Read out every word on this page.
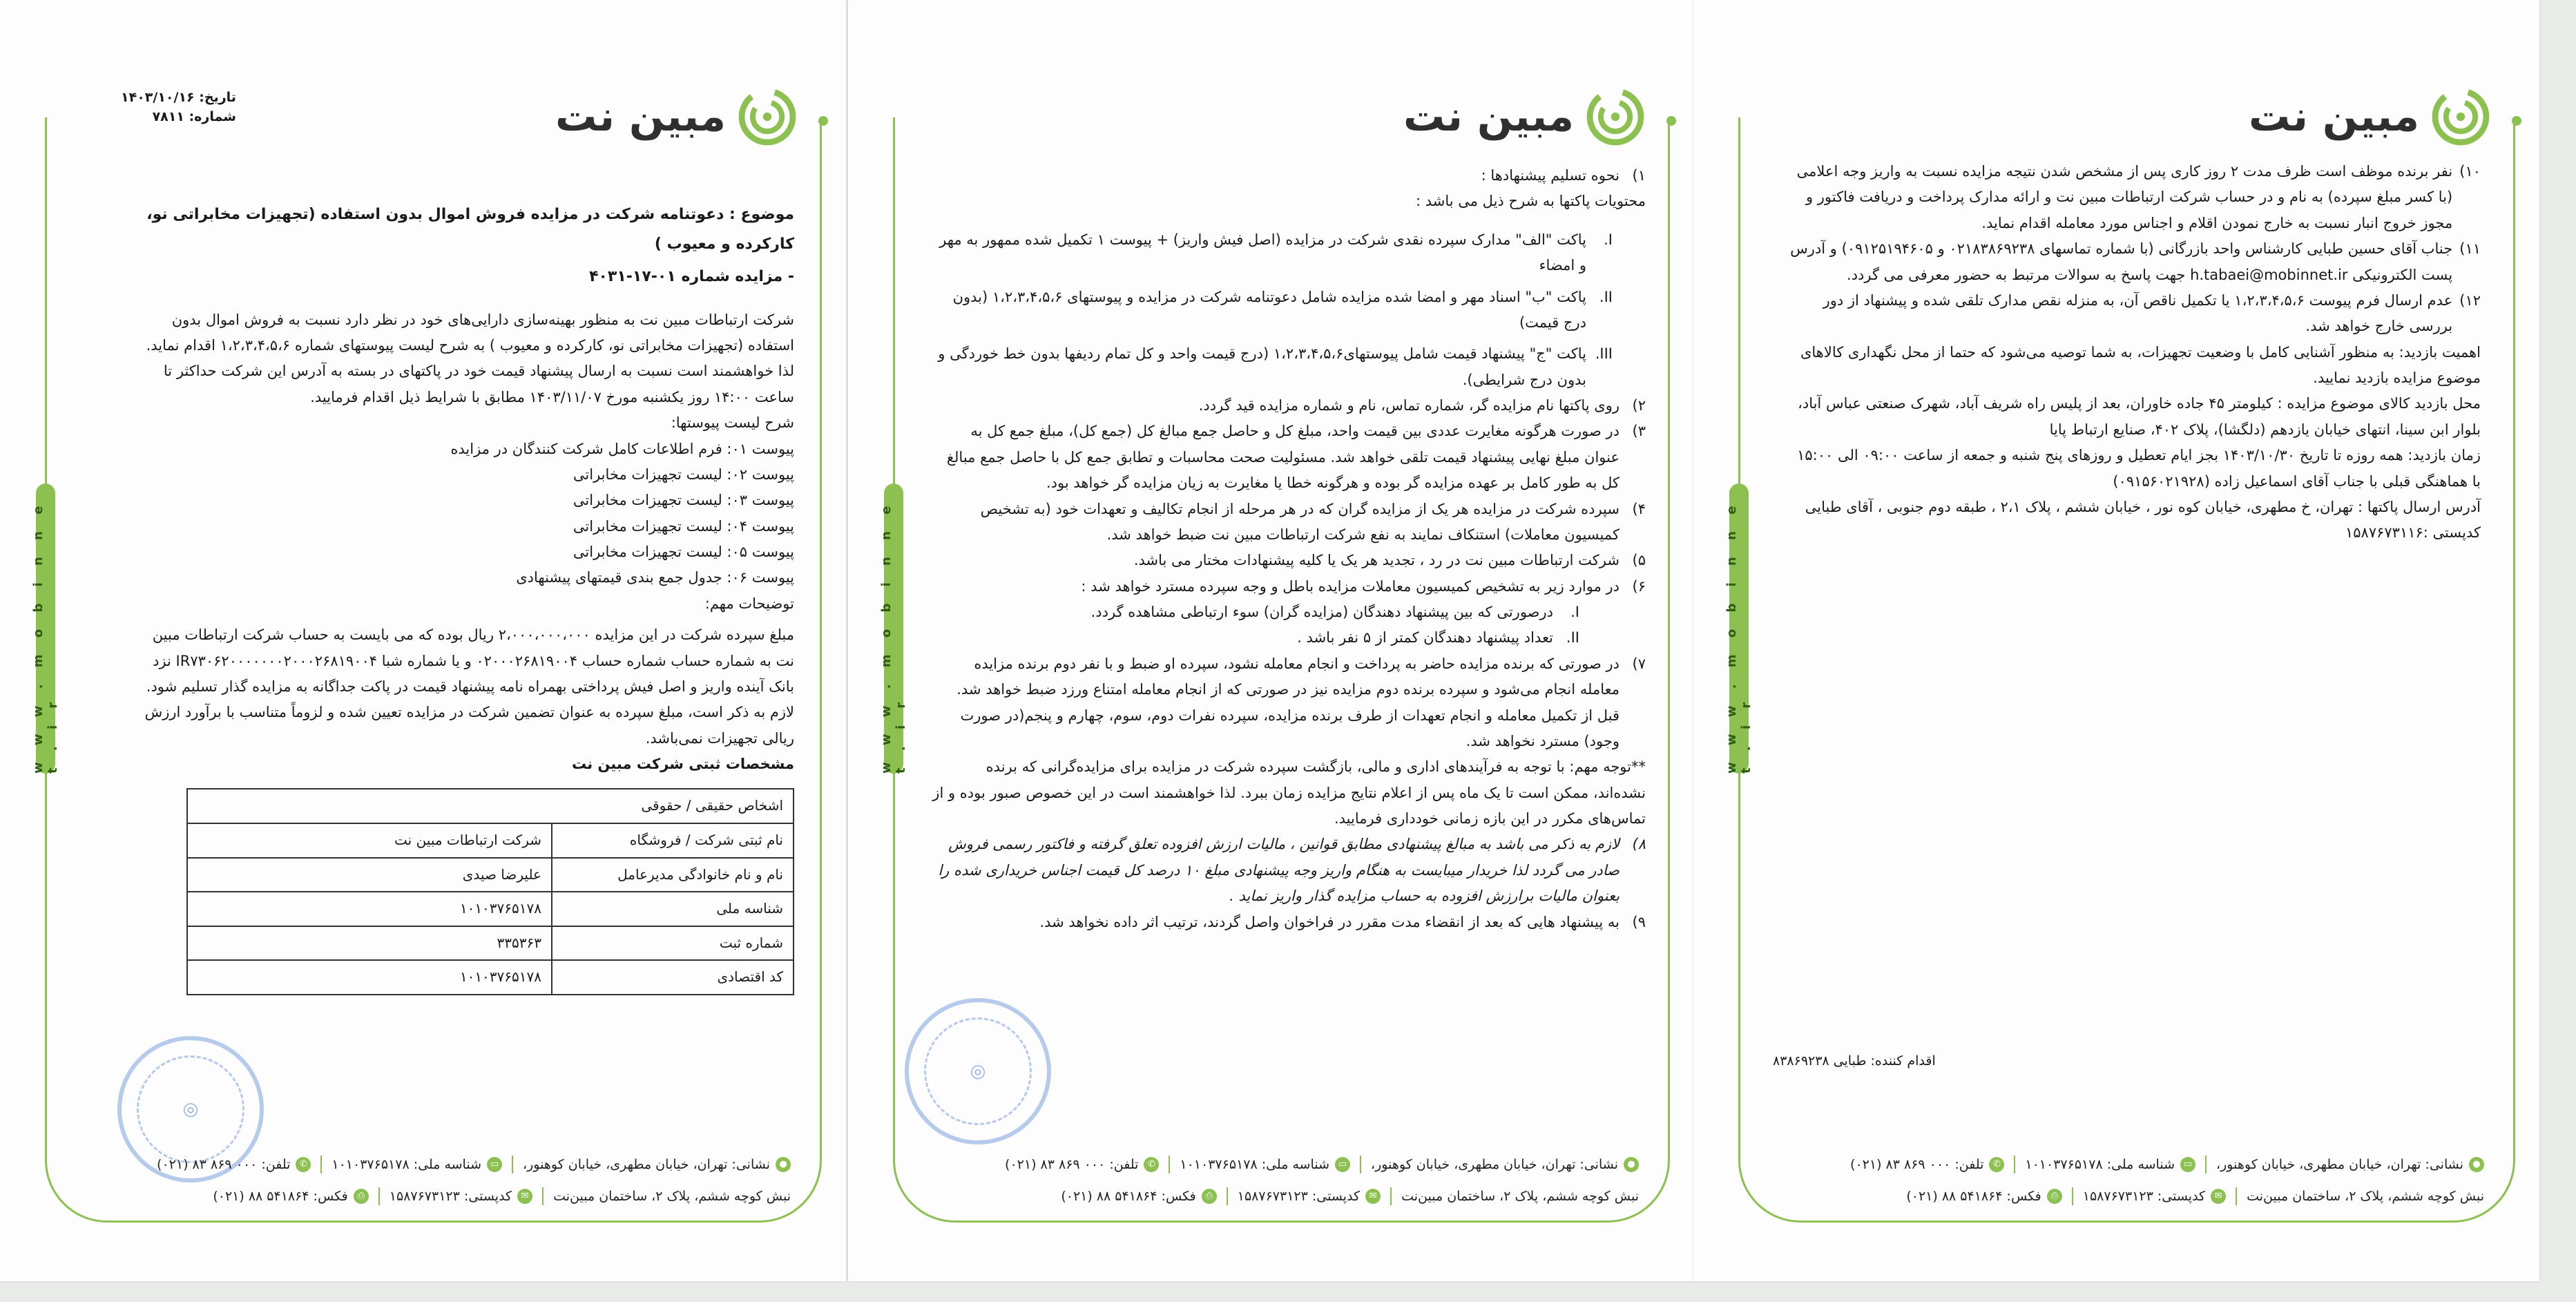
w w w . m o b i n n e t . i r
مبین نت
تاریخ: ۱۴۰۳/۱۰/۱۶
شماره: ۷۸۱۱

موضوع : دعوتنامه شرکت در مزایده فروش اموال بدون استفاده (تجهیزات مخابراتی نو، کارکرده و معیوب )

- مزایده شماره ۰۱-۱۷-۴۰۳۱

شرکت ارتباطات مبین نت به منظور بهینه‌سازی دارایی‌های خود در نظر دارد نسبت به فروش اموال بدون استفاده (تجهیزات مخابراتی نو، کارکرده و معیوب ) به شرح لیست پیوستهای شماره ۱،۲،۳،۴،۵،۶ اقدام نماید. لذا خواهشمند است نسبت به ارسال پیشنهاد قیمت خود در پاکتهای در بسته به آدرس این شرکت حداکثر تا ساعت ۱۴:۰۰ روز یکشنبه مورخ ۱۴۰۳/۱۱/۰۷ مطابق با شرایط ذیل اقدام فرمایید.

شرح لیست پیوستها:

پیوست ۰۱: فرم اطلاعات کامل شرکت کنندگان در مزایده
پیوست ۰۲: لیست تجهیزات مخابراتی
پیوست ۰۳: لیست تجهیزات مخابراتی
پیوست ۰۴: لیست تجهیزات مخابراتی
پیوست ۰۵: لیست تجهیزات مخابراتی
پیوست ۰۶: جدول جمع بندی قیمتهای پیشنهادی

توضیحات مهم:

مبلغ سپرده شرکت در این مزایده ۲،۰۰۰،۰۰۰،۰۰۰ ریال بوده که می بایست به حساب شرکت ارتباطات مبین نت به شماره حساب شماره حساب ۰۲۰۰۰۲۶۸۱۹۰۰۴ و یا شماره شبا IR۷۳۰۶۲۰۰۰۰۰۰۰۲۰۰۰۲۶۸۱۹۰۰۴ نزد بانک آینده واریز و اصل فیش پرداختی بهمراه نامه پیشنهاد قیمت در پاکت جداگانه به مزایده گذار تسلیم شود. لازم به ذکر است، مبلغ سپرده به عنوان تضمین شرکت در مزایده تعیین شده و لزوماً متناسب با برآورد ارزش ریالی تجهیزات نمی‌باشد.

مشخصات ثبتی شرکت مبین نت

اشخاص حقیقی / حقوقی	
نام ثبتی شرکت / فروشگاه	شرکت ارتباطات مبین نت
نام و نام خانوادگی مدیرعامل	علیرضا صیدی
شناسه ملی	۱۰۱۰۳۷۶۵۱۷۸
شماره ثبت	۳۳۵۳۶۳
کد اقتصادی	۱۰۱۰۳۷۶۵۱۷۸
◎
●
نشانی: تهران، خیابان مطهری، خیابان کوهنور،
▭
شناسه ملی: ۱۰۱۰۳۷۶۵۱۷۸
✆
تلفن: ۰۰۰ ۸۶۹ ۸۳ (۰۲۱)
نبش کوچه ششم، پلاک ۲، ساختمان مبین‌نت
✉
کدپستی: ۱۵۸۷۶۷۳۱۲۳
⎙
فکس: ۵۴۱۸۶۴ ۸۸ (۰۲۱)
w w w . m o b i n n e t . i r
مبین نت
۱)
نحوه تسلیم پیشنهادها :

محتویات پاکتها به شرح ذیل می باشد :

I.
پاکت "الف" مدارک سپرده نقدی شرکت در مزایده (اصل فیش واریز) + پیوست ۱ تکمیل شده ممهور به مهر و امضاء
II.
پاکت "ب" اسناد مهر و امضا شده مزایده شامل دعوتنامه شرکت در مزایده و پیوستهای ۱،۲،۳،۴،۵،۶ (بدون درج قیمت)
III.
پاکت "ج" پیشنهاد قیمت شامل پیوستهای۱،۲،۳،۴،۵،۶ (درج قیمت واحد و کل تمام ردیفها بدون خط خوردگی و بدون درج شرایطی).
۲)
روی پاکتها نام مزایده گر، شماره تماس، نام و شماره مزایده قید گردد.
۳)
در صورت هرگونه مغایرت عددی بین قیمت واحد، مبلغ کل و حاصل جمع مبالغ کل (جمع کل)، مبلغ جمع کل به عنوان مبلغ نهایی پیشنهاد قیمت تلقی خواهد شد. مسئولیت صحت محاسبات و تطابق جمع کل با حاصل جمع مبالغ کل به طور کامل بر عهده مزایده گر بوده و هرگونه خطا یا مغایرت به زیان مزایده گر خواهد بود.
۴)
سپرده شرکت در مزایده هر یک از مزایده گران که در هر مرحله از انجام تکالیف و تعهدات خود (به تشخیص کمیسیون معاملات) استنکاف نمایند به نفع شرکت ارتباطات مبین نت ضبط خواهد شد.
۵)
شرکت ارتباطات مبین نت در رد ، تجدید هر یک یا کلیه پیشنهادات مختار می باشد.
۶)
در موارد زیر به تشخیص کمیسیون معاملات مزایده باطل و وجه سپرده مسترد خواهد شد :
I.
درصورتی که بین پیشنهاد دهندگان (مزایده گران) سوء ارتباطی مشاهده گردد.
II.
تعداد پیشنهاد دهندگان کمتر از ۵ نفر باشد .
۷)
در صورتی که برنده مزایده حاضر به پرداخت و انجام معامله نشود، سپرده او ضبط و با نفر دوم برنده مزایده معامله انجام می‌شود و سپرده برنده دوم مزایده نیز در صورتی که از انجام معامله امتناع ورزد ضبط خواهد شد. قبل از تکمیل معامله و انجام تعهدات از طرف برنده مزایده، سپرده نفرات دوم، سوم، چهارم و پنجم(در صورت وجود) مسترد نخواهد شد.

**توجه مهم: با توجه به فرآیندهای اداری و مالی، بازگشت سپرده شرکت در مزایده برای مزایده‌گرانی که برنده نشده‌اند، ممکن است تا یک ماه پس از اعلام نتایج مزایده زمان ببرد. لذا خواهشمند است در این خصوص صبور بوده و از تماس‌های مکرر در این بازه زمانی خودداری فرمایید.

۸)
لازم به ذکر می باشد به مبالغ پیشنهادی مطابق قوانین ، مالیات ارزش افزوده تعلق گرفته و فاکتور رسمی فروش صادر می گردد لذا خریدار میبایست به هنگام واریز وجه پیشنهادی مبلغ ۱۰ درصد کل قیمت اجناس خریداری شده را بعنوان مالیات برارزش افزوده به حساب مزایده گذار واریز نماید .
۹)
به پیشنهاد هایی که بعد از انقضاء مدت مقرر در فراخوان واصل گردند، ترتیب اثر داده نخواهد شد.
◎
●
نشانی: تهران، خیابان مطهری، خیابان کوهنور،
▭
شناسه ملی: ۱۰۱۰۳۷۶۵۱۷۸
✆
تلفن: ۰۰۰ ۸۶۹ ۸۳ (۰۲۱)
نبش کوچه ششم، پلاک ۲، ساختمان مبین‌نت
✉
کدپستی: ۱۵۸۷۶۷۳۱۲۳
⎙
فکس: ۵۴۱۸۶۴ ۸۸ (۰۲۱)
w w w . m o b i n n e t . i r
مبین نت
۱۰)
نفر برنده موظف است ظرف مدت ۲ روز کاری پس از مشخص شدن نتیجه مزایده نسبت به واریز وجه اعلامی (با کسر مبلغ سپرده) به نام و در حساب شرکت ارتباطات مبین نت و ارائه مدارک پرداخت و دریافت فاکتور و مجوز خروج انبار نسبت به خارج نمودن اقلام و اجناس مورد معامله اقدام نماید.
۱۱)
جناب آقای حسین طبایی کارشناس واحد بازرگانی (با شماره تماسهای ۰۲۱۸۳۸۶۹۲۳۸ و ۰۹۱۲۵۱۹۴۶۰۵) و آدرس پست الکترونیکی h.tabaei@mobinnet.ir جهت پاسخ به سوالات مرتبط به حضور معرفی می گردد.
۱۲)
عدم ارسال فرم پیوست ۱،۲،۳،۴،۵،۶ یا تکمیل ناقص آن، به منزله نقص مدارک تلقی شده و پیشنهاد از دور بررسی خارج خواهد شد.

اهمیت بازدید: به منظور آشنایی کامل با وضعیت تجهیزات، به شما توصیه می‌شود که حتما از محل نگهداری کالاهای موضوع مزایده بازدید نمایید.

محل بازدید کالای موضوع مزایده : کیلومتر ۴۵ جاده خاوران، بعد از پلیس راه شریف آباد، شهرک صنعتی عباس آباد، بلوار ابن سینا، انتهای خیابان یازدهم (دلگشا)، پلاک ۴۰۲، صنایع ارتباط پایا

زمان بازدید: همه روزه تا تاریخ ۱۴۰۳/۱۰/۳۰ بجز ایام تعطیل و روزهای پنج شنبه و جمعه از ساعت ۰۹:۰۰ الی ۱۵:۰۰ با هماهنگی قبلی با جناب آقای اسماعیل زاده (۰۹۱۵۶۰۲۱۹۲۸)

آدرس ارسال پاکتها : تهران، خ مطهری، خیابان کوه نور ، خیابان ششم ، پلاک ۲،۱ ، طبقه دوم جنوبی ، آقای طبایی کدپستی :۱۵۸۷۶۷۳۱۱۶

اقدام کننده: طبایی ۸۳۸۶۹۲۳۸
●
نشانی: تهران، خیابان مطهری، خیابان کوهنور،
▭
شناسه ملی: ۱۰۱۰۳۷۶۵۱۷۸
✆
تلفن: ۰۰۰ ۸۶۹ ۸۳ (۰۲۱)
نبش کوچه ششم، پلاک ۲، ساختمان مبین‌نت
✉
کدپستی: ۱۵۸۷۶۷۳۱۲۳
⎙
فکس: ۵۴۱۸۶۴ ۸۸ (۰۲۱)
